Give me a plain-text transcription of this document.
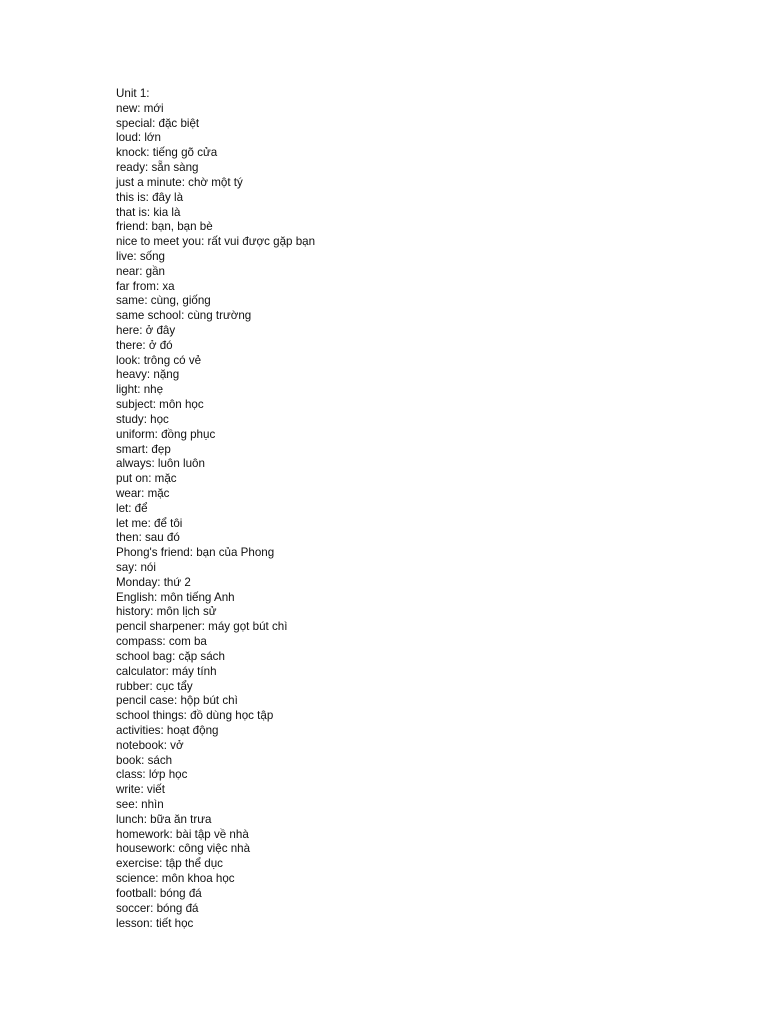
Unit 1:
new: mới
special: đặc biệt
loud: lớn
knock: tiếng gõ cửa
ready: sẵn sàng
just a minute: chờ một tý
this is: đây là
that is: kia là
friend: bạn, bạn bè
nice to meet you: rất vui được gặp bạn
live: sống
near: gần
far from: xa
same: cùng, giống
same school: cùng trường
here: ở đây
there: ở đó
look: trông có vẻ
heavy: nặng
light: nhẹ
subject: môn học
study: học
uniform: đồng phục
smart: đẹp
always: luôn luôn
put on: mặc
wear: mặc
let: để
let me: để tôi
then: sau đó
Phong's friend: bạn của Phong
say: nói
Monday: thứ 2
English: môn tiếng Anh
history: môn lịch sử
pencil sharpener: máy gọt bút chì
compass: com ba
school bag: cặp sách
calculator: máy tính
rubber: cục tẩy
pencil case: hộp bút chì
school things: đồ dùng học tập
activities: hoạt động
notebook: vở
book: sách
class: lớp học
write: viết
see: nhìn
lunch: bữa ăn trưa
homework: bài tập về nhà
housework: công việc nhà
exercise: tập thể dục
science: môn khoa học
football: bóng đá
soccer: bóng đá
lesson: tiết học
